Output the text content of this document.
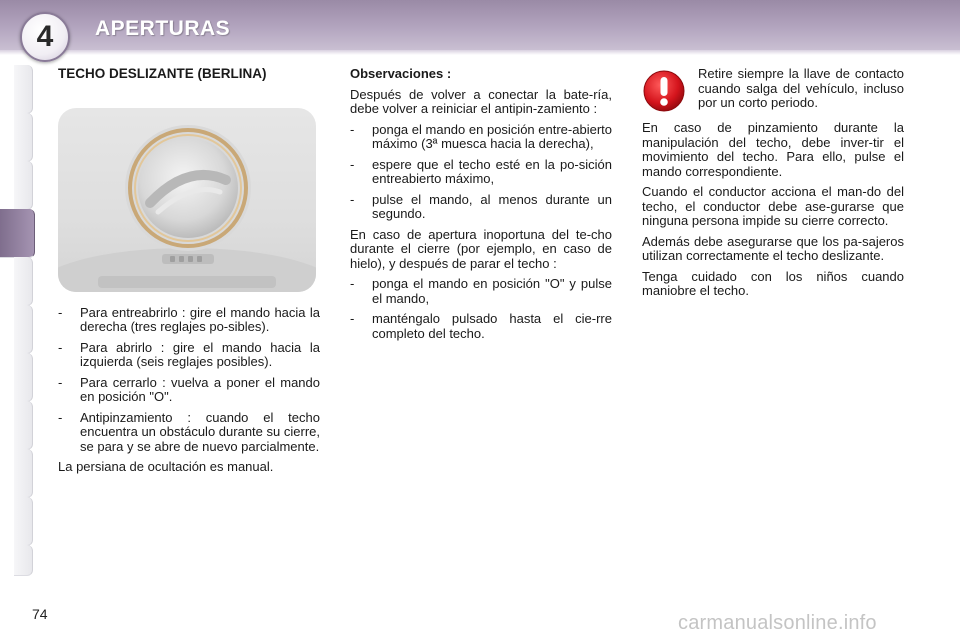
4	APERTURAS
TECHO DESLIZANTE (BERLINA)
- Para entreabrirlo : gire el mando hacia la derecha (tres reglajes po-sibles).
- Para abrirlo : gire el mando hacia la izquierda (seis reglajes posibles).
- Para cerrarlo : vuelva a poner el mando en posición "O".
- Antipinzamiento : cuando el techo encuentra un obstáculo durante su cierre, se para y se abre de nuevo parcialmente.

La persiana de ocultación es manual.

Observaciones :

Después de volver a conectar la bate-ría, debe volver a reiniciar el antipin-zamiento :

- ponga el mando en posición entre-abierto máximo (3ª muesca hacia la derecha),
- espere que el techo esté en la po-sición entreabierto máximo,
- pulse el mando, al menos durante un segundo.

En caso de apertura inoportuna del te-cho durante el cierre (por ejemplo, en caso de hielo), y después de parar el techo :

- ponga el mando en posición "O" y pulse el mando,
- manténgalo pulsado hasta el cie-rre completo del techo.
Retire siempre la llave de contacto cuando salga del vehículo, incluso por un corto periodo.

En caso de pinzamiento durante la manipulación del techo, debe inver-tir el movimiento del techo. Para ello, pulse el mando correspondiente.

Cuando el conductor acciona el man-do del techo, el conductor debe ase-gurarse que ninguna persona impide su cierre correcto.

Además debe asegurarse que los pa-sajeros utilizan correctamente el techo deslizante.

Tenga cuidado con los niños cuando maniobre el techo.

74	carmanualsonline.info
